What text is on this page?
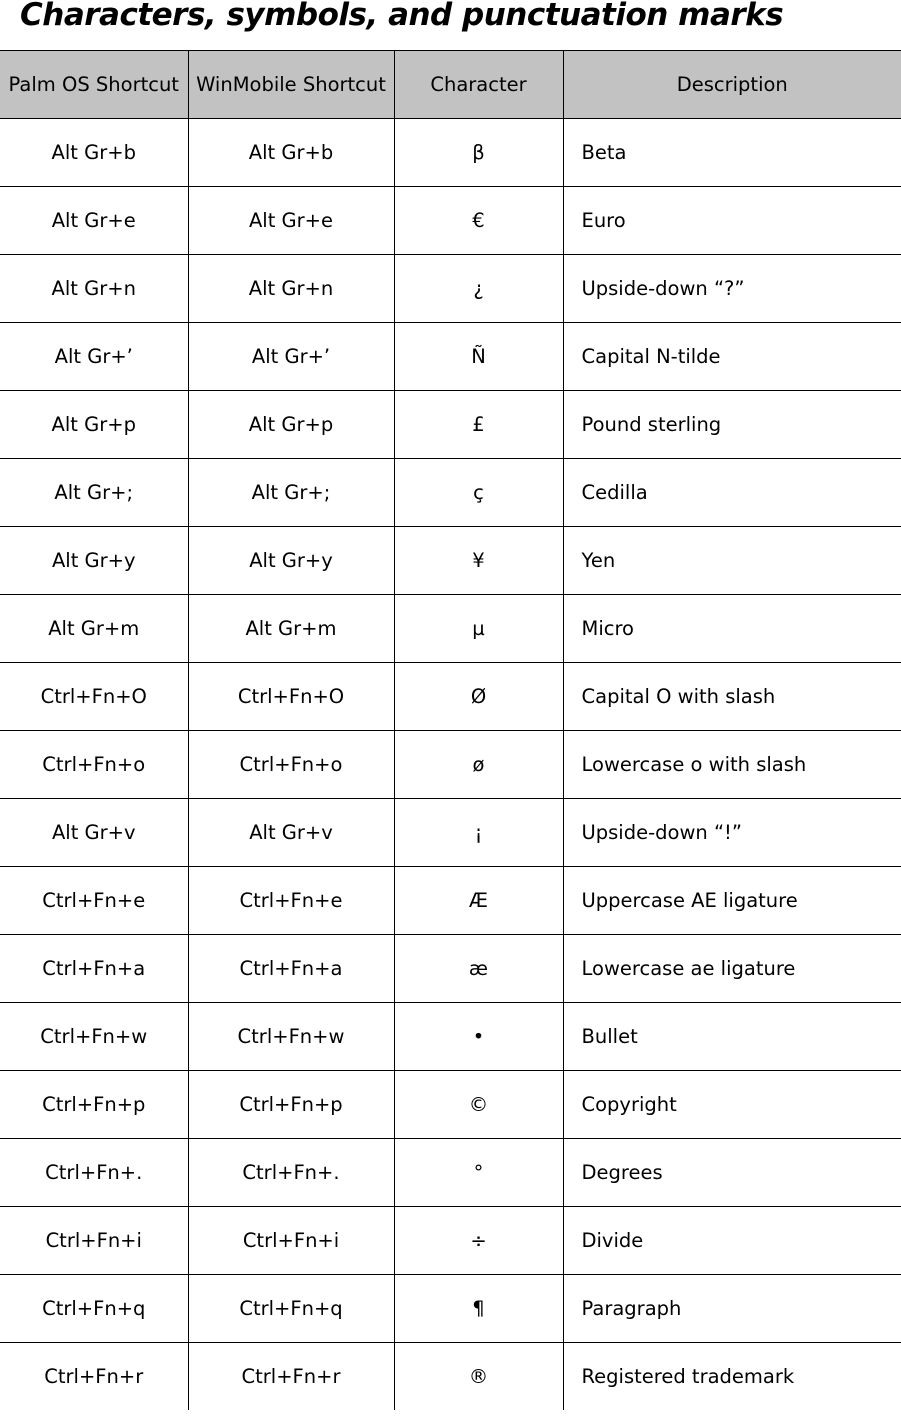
Characters, symbols, and punctuation marks
Palm OS Shortcut	WinMobile Shortcut	Character	Description
Alt Gr+b	Alt Gr+b	β	Beta
Alt Gr+e	Alt Gr+e	€	Euro
Alt Gr+n	Alt Gr+n	¿	Upside-down “?”
Alt Gr+’	Alt Gr+’	Ñ	Capital N-tilde
Alt Gr+p	Alt Gr+p	£	Pound sterling
Alt Gr+;	Alt Gr+;	ç	Cedilla
Alt Gr+y	Alt Gr+y	¥	Yen
Alt Gr+m	Alt Gr+m	µ	Micro
Ctrl+Fn+O	Ctrl+Fn+O	Ø	Capital O with slash
Ctrl+Fn+o	Ctrl+Fn+o	ø	Lowercase o with slash
Alt Gr+v	Alt Gr+v	¡	Upside-down “!”
Ctrl+Fn+e	Ctrl+Fn+e	Æ	Uppercase AE ligature
Ctrl+Fn+a	Ctrl+Fn+a	æ	Lowercase ae ligature
Ctrl+Fn+w	Ctrl+Fn+w	•	Bullet
Ctrl+Fn+p	Ctrl+Fn+p	©	Copyright
Ctrl+Fn+.	Ctrl+Fn+.	°	Degrees
Ctrl+Fn+i	Ctrl+Fn+i	÷	Divide
Ctrl+Fn+q	Ctrl+Fn+q	¶	Paragraph
Ctrl+Fn+r	Ctrl+Fn+r	®	Registered trademark
